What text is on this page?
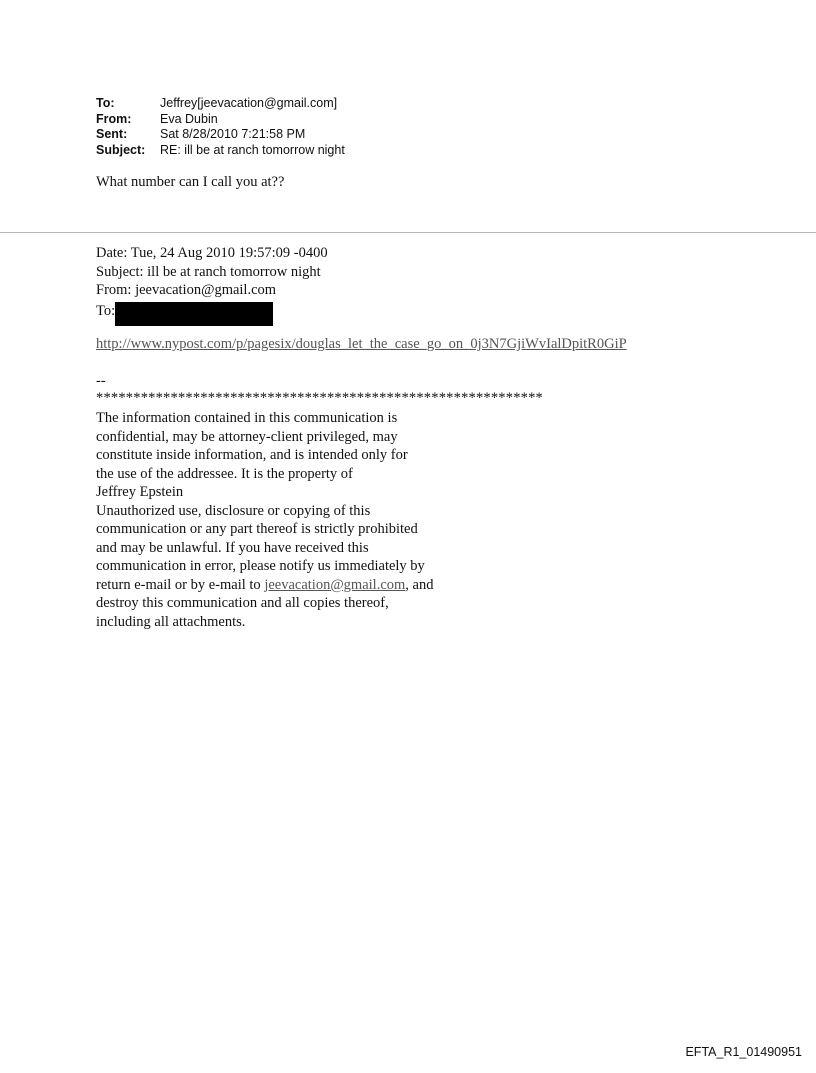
To:	Jeffrey[jeevacation@gmail.com]
From:	Eva Dubin
Sent:	Sat 8/28/2010 7:21:58 PM
Subject:	RE: ill be at ranch tomorrow night
What number can I call you at??
Date: Tue, 24 Aug 2010 19:57:09 -0400
Subject: ill be at ranch tomorrow night
From: jeevacation@gmail.com
To:
http://www.nypost.com/p/pagesix/douglas_let_the_case_go_on_0j3N7GjiWvIalDpitR0GiP
--
************************************************************
The information contained in this communication is
confidential, may be attorney-client privileged, may
constitute inside information, and is intended only for
the use of the addressee. It is the property of
Jeffrey Epstein
Unauthorized use, disclosure or copying of this
communication or any part thereof is strictly prohibited
and may be unlawful. If you have received this
communication in error, please notify us immediately by
return e-mail or by e-mail to jeevacation@gmail.com, and
destroy this communication and all copies thereof,
including all attachments.
EFTA_R1_01490951
